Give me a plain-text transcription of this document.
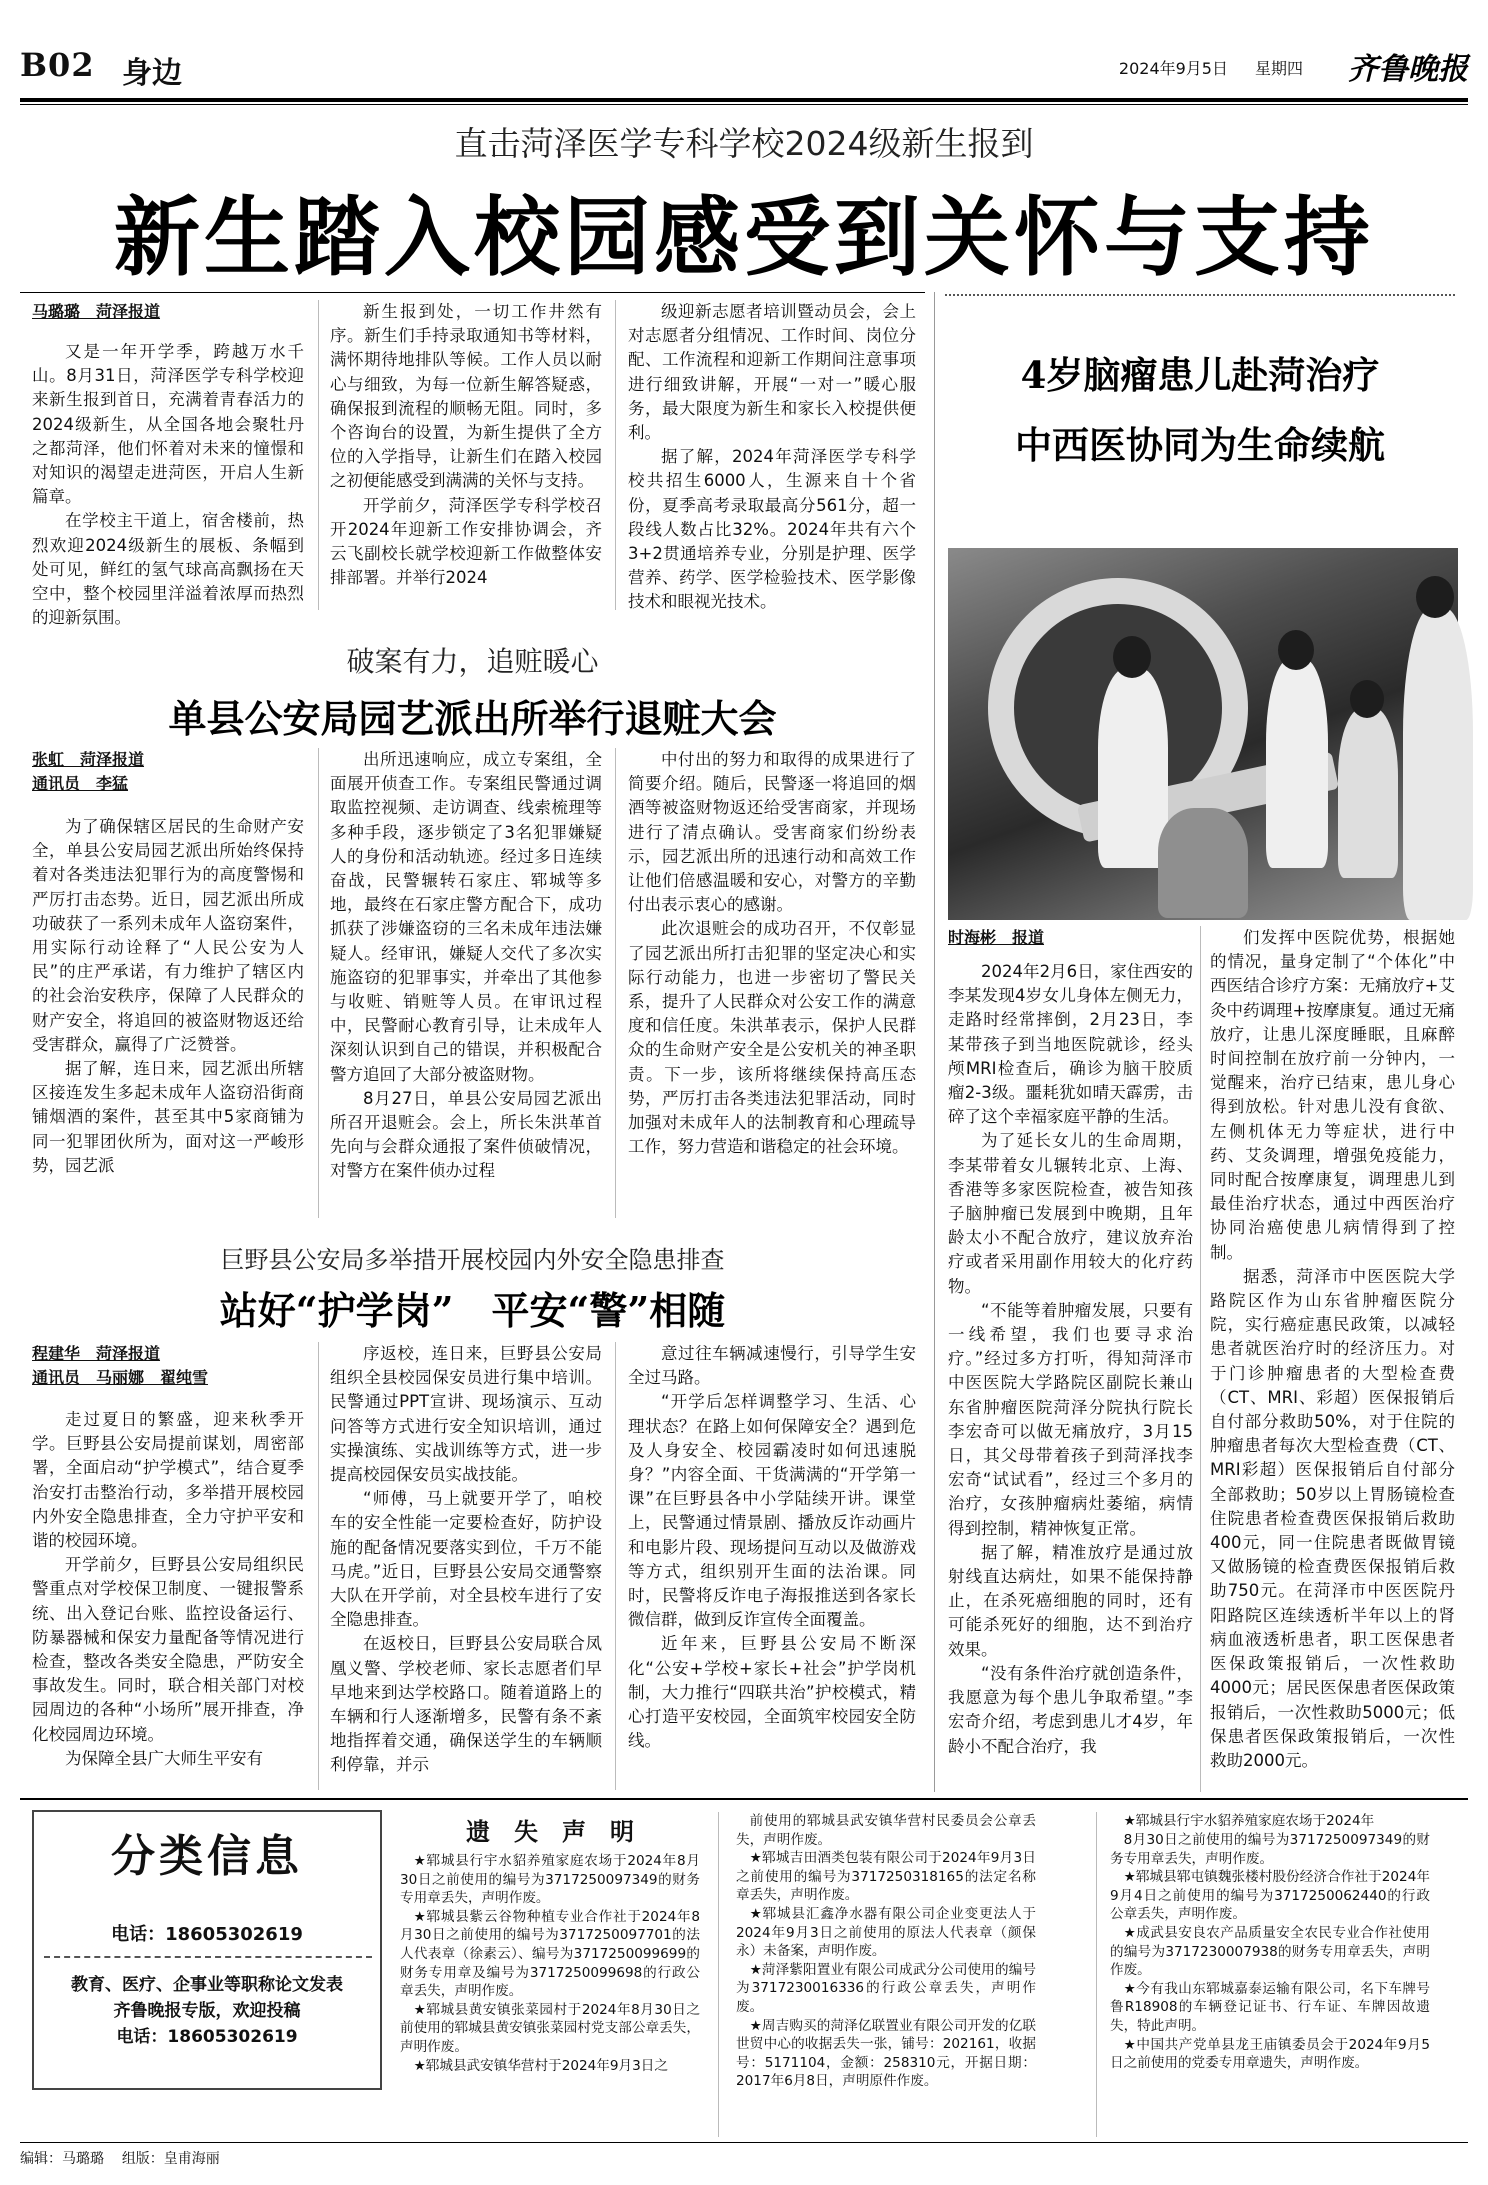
B02 身边	2024年9月5日 星期四 齐鲁晚报
直击菏泽医学专科学校2024级新生报到
新生踏入校园感受到关怀与支持
马璐璐　菏泽报道

又是一年开学季，跨越万水千山。8月31日，菏泽医学专科学校迎来新生报到首日，充满着青春活力的2024级新生，从全国各地会聚牡丹之都菏泽，他们怀着对未来的憧憬和对知识的渴望走进菏医，开启人生新篇章。

在学校主干道上，宿舍楼前，热烈欢迎2024级新生的展板、条幅到处可见，鲜红的氢气球高高飘扬在天空中，整个校园里洋溢着浓厚而热烈的迎新氛围。

新生报到处，一切工作井然有序。新生们手持录取通知书等材料，满怀期待地排队等候。工作人员以耐心与细致，为每一位新生解答疑惑，确保报到流程的顺畅无阻。同时，多个咨询台的设置，为新生提供了全方位的入学指导，让新生们在踏入校园之初便能感受到满满的关怀与支持。

开学前夕，菏泽医学专科学校召开2024年迎新工作安排协调会，齐云飞副校长就学校迎新工作做整体安排部署。并举行2024

级迎新志愿者培训暨动员会，会上对志愿者分组情况、工作时间、岗位分配、工作流程和迎新工作期间注意事项进行细致讲解，开展“一对一”暖心服务，最大限度为新生和家长入校提供便利。

据了解，2024年菏泽医学专科学校共招生6000人，生源来自十个省份，夏季高考录取最高分561分，超一段线人数占比32%。2024年共有六个3+2贯通培养专业，分别是护理、医学营养、药学、医学检验技术、医学影像技术和眼视光技术。

破案有力，追赃暖心
单县公安局园艺派出所举行退赃大会
张虹　菏泽报道
通讯员　李猛

为了确保辖区居民的生命财产安全，单县公安局园艺派出所始终保持着对各类违法犯罪行为的高度警惕和严厉打击态势。近日，园艺派出所成功破获了一系列未成年人盗窃案件，用实际行动诠释了“人民公安为人民”的庄严承诺，有力维护了辖区内的社会治安秩序，保障了人民群众的财产安全，将追回的被盗财物返还给受害群众，赢得了广泛赞誉。

据了解，连日来，园艺派出所辖区接连发生多起未成年人盗窃沿街商铺烟酒的案件，甚至其中5家商铺为同一犯罪团伙所为，面对这一严峻形势，园艺派

出所迅速响应，成立专案组，全面展开侦查工作。专案组民警通过调取监控视频、走访调查、线索梳理等多种手段，逐步锁定了3名犯罪嫌疑人的身份和活动轨迹。经过多日连续奋战，民警辗转石家庄、郓城等多地，最终在石家庄警方配合下，成功抓获了涉嫌盗窃的三名未成年违法嫌疑人。经审讯，嫌疑人交代了多次实施盗窃的犯罪事实，并牵出了其他参与收赃、销赃等人员。在审讯过程中，民警耐心教育引导，让未成年人深刻认识到自己的错误，并积极配合警方追回了大部分被盗财物。

8月27日，单县公安局园艺派出所召开退赃会。会上，所长朱洪革首先向与会群众通报了案件侦破情况，对警方在案件侦办过程

中付出的努力和取得的成果进行了简要介绍。随后，民警逐一将追回的烟酒等被盗财物返还给受害商家，并现场进行了清点确认。受害商家们纷纷表示，园艺派出所的迅速行动和高效工作让他们倍感温暖和安心，对警方的辛勤付出表示衷心的感谢。

此次退赃会的成功召开，不仅彰显了园艺派出所打击犯罪的坚定决心和实际行动能力，也进一步密切了警民关系，提升了人民群众对公安工作的满意度和信任度。朱洪革表示，保护人民群众的生命财产安全是公安机关的神圣职责。下一步，该所将继续保持高压态势，严厉打击各类违法犯罪活动，同时加强对未成年人的法制教育和心理疏导工作，努力营造和谐稳定的社会环境。

巨野县公安局多举措开展校园内外安全隐患排查
站好“护学岗”　平安“警”相随
程建华　菏泽报道
通讯员　马丽娜　翟纯雪

走过夏日的繁盛，迎来秋季开学。巨野县公安局提前谋划，周密部署，全面启动“护学模式”，结合夏季治安打击整治行动，多举措开展校园内外安全隐患排查，全力守护平安和谐的校园环境。

开学前夕，巨野县公安局组织民警重点对学校保卫制度、一键报警系统、出入登记台账、监控设备运行、防暴器械和保安力量配备等情况进行检查，整改各类安全隐患，严防安全事故发生。同时，联合相关部门对校园周边的各种“小场所”展开排查，净化校园周边环境。

为保障全县广大师生平安有

序返校，连日来，巨野县公安局组织全县校园保安员进行集中培训。民警通过PPT宣讲、现场演示、互动问答等方式进行安全知识培训，通过实操演练、实战训练等方式，进一步提高校园保安员实战技能。

“师傅，马上就要开学了，咱校车的安全性能一定要检查好，防护设施的配备情况要落实到位，千万不能马虎。”近日，巨野县公安局交通警察大队在开学前，对全县校车进行了安全隐患排查。

在返校日，巨野县公安局联合凤凰义警、学校老师、家长志愿者们早早地来到达学校路口。随着道路上的车辆和行人逐渐增多，民警有条不紊地指挥着交通，确保送学生的车辆顺利停靠，并示

意过往车辆减速慢行，引导学生安全过马路。

“开学后怎样调整学习、生活、心理状态？在路上如何保障安全？遇到危及人身安全、校园霸凌时如何迅速脱身？”内容全面、干货满满的“开学第一课”在巨野县各中小学陆续开讲。课堂上，民警通过情景剧、播放反诈动画片和电影片段、现场提问互动以及做游戏等方式，组织别开生面的法治课。同时，民警将反诈电子海报推送到各家长微信群，做到反诈宣传全面覆盖。

近年来，巨野县公安局不断深化“公安+学校+家长+社会”护学岗机制，大力推行“四联共治”护校模式，精心打造平安校园，全面筑牢校园安全防线。

4岁脑瘤患儿赴菏治疗
中西医协同为生命续航
时海彬　报道

2024年2月6日，家住西安的李某发现4岁女儿身体左侧无力，走路时经常摔倒，2月23日，李某带孩子到当地医院就诊，经头颅MRI检查后，确诊为脑干胶质瘤2-3级。噩耗犹如晴天霹雳，击碎了这个幸福家庭平静的生活。

为了延长女儿的生命周期，李某带着女儿辗转北京、上海、香港等多家医院检查，被告知孩子脑肿瘤已发展到中晚期，且年龄太小不配合放疗，建议放弃治疗或者采用副作用较大的化疗药物。

“不能等着肿瘤发展，只要有一线希望，我们也要寻求治疗。”经过多方打听，得知菏泽市中医医院大学路院区副院长兼山东省肿瘤医院菏泽分院执行院长李宏奇可以做无痛放疗，3月15日，其父母带着孩子到菏泽找李宏奇“试试看”，经过三个多月的治疗，女孩肿瘤病灶萎缩，病情得到控制，精神恢复正常。

据了解，精准放疗是通过放射线直达病灶，如果不能保持静止，在杀死癌细胞的同时，还有可能杀死好的细胞，达不到治疗效果。

“没有条件治疗就创造条件，我愿意为每个患儿争取希望。”李宏奇介绍，考虑到患儿才4岁，年龄小不配合治疗，我

们发挥中医院优势，根据她的情况，量身定制了“个体化”中西医结合诊疗方案：无痛放疗+艾灸中药调理+按摩康复。通过无痛放疗，让患儿深度睡眠，且麻醉时间控制在放疗前一分钟内，一觉醒来，治疗已结束，患儿身心得到放松。针对患儿没有食欲、左侧机体无力等症状，进行中药、艾灸调理，增强免疫能力，同时配合按摩康复，调理患儿到最佳治疗状态，通过中西医治疗协同治癌使患儿病情得到了控制。

据悉，菏泽市中医医院大学路院区作为山东省肿瘤医院分院，实行癌症惠民政策，以减轻患者就医治疗时的经济压力。对于门诊肿瘤患者的大型检查费（CT、MRI、彩超）医保报销后自付部分救助50%，对于住院的肿瘤患者每次大型检查费（CT、MRI彩超）医保报销后自付部分全部救助；50岁以上胃肠镜检查住院患者检查费医保报销后救助400元，同一住院患者既做胃镜又做肠镜的检查费医保报销后救助750元。在菏泽市中医医院丹阳路院区连续透析半年以上的肾病血液透析患者，职工医保患者医保政策报销后，一次性救助4000元；居民医保患者医保政策报销后，一次性救助5000元；低保患者医保政策报销后，一次性救助2000元。

分类信息
电话：18605302619
教育、医疗、企事业等职称论文发表
齐鲁晚报专版，欢迎投稿
电话：18605302619
遗　失　声　明

★郓城县行宇水貂养殖家庭农场于2024年8月30日之前使用的编号为3717250097349的财务专用章丢失，声明作废。

★郓城县紫云谷物种植专业合作社于2024年8月30日之前使用的编号为3717250097701的法人代表章（徐素云）、编号为3717250099699的财务专用章及编号为3717250099698的行政公章丢失，声明作废。

★郓城县黄安镇张菜园村于2024年8月30日之前使用的郓城县黄安镇张菜园村党支部公章丢失，声明作废。

★郓城县武安镇华营村于2024年9月3日之

前使用的郓城县武安镇华营村民委员会公章丢失，声明作废。

★郓城吉田酒类包装有限公司于2024年9月3日之前使用的编号为3717250318165的法定名称章丢失，声明作废。

★郓城县汇鑫净水器有限公司企业变更法人于2024年9月3日之前使用的原法人代表章（颜保永）未备案，声明作废。

★菏泽紫阳置业有限公司成武分公司使用的编号为3717230016336的行政公章丢失，声明作废。

★周吉购买的菏泽亿联置业有限公司开发的亿联世贸中心的收据丢失一张，铺号：202161，收据号：5171104，金额：258310元，开据日期：2017年6月8日，声明原件作废。

★郓城县行宇水貂养殖家庭农场于2024年

8月30日之前使用的编号为3717250097349的财务专用章丢失，声明作废。

★郓城县郓屯镇魏张楼村股份经济合作社于2024年9月4日之前使用的编号为3717250062440的行政公章丢失，声明作废。

★成武县安良农产品质量安全农民专业合作社使用的编号为3717230007938的财务专用章丢失，声明作废。

★今有我山东郓城嘉泰运输有限公司，名下车牌号鲁R18908的车辆登记证书、行车证、车牌因故遗失，特此声明。

★中国共产党单县龙王庙镇委员会于2024年9月5日之前使用的党委专用章遗失，声明作废。

编辑：马璐璐 组版：皇甫海丽
